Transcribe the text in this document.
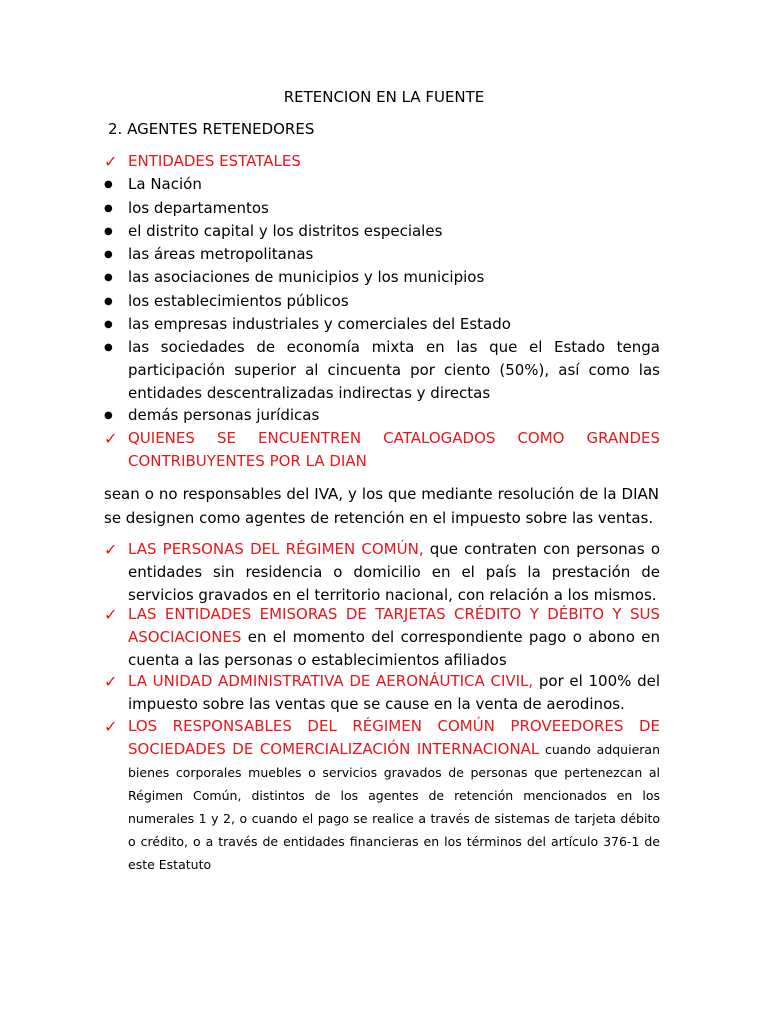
RETENCION EN LA FUENTE
2. AGENTES RETENEDORES
✓ ENTIDADES ESTATALES
●	La Nación
●	los departamentos
●	el distrito capital y los distritos especiales
●	las áreas metropolitanas
●	las asociaciones de municipios y los municipios
●	los establecimientos públicos
●	las empresas industriales y comerciales del Estado
●	las sociedades de economía mixta en las que el Estado tenga participación superior al cincuenta por ciento (50%), así como las entidades descentralizadas indirectas y directas
●	demás personas jurídicas
✓ QUIENES SE ENCUENTREN CATALOGADOS COMO GRANDES CONTRIBUYENTES POR LA DIAN
sean o no responsables del IVA, y los que mediante resolución de la DIAN se designen como agentes de retención en el impuesto sobre las ventas.
✓ LAS PERSONAS DEL RÉGIMEN COMÚN, que contraten con personas o entidades sin residencia o domicilio en el país la prestación de servicios gravados en el territorio nacional, con relación a los mismos.
✓ LAS ENTIDADES EMISORAS DE TARJETAS CRÉDITO Y DÉBITO Y SUS ASOCIACIONES en el momento del correspondiente pago o abono en cuenta a las personas o establecimientos afiliados
✓ LA UNIDAD ADMINISTRATIVA DE AERONÁUTICA CIVIL, por el 100% del impuesto sobre las ventas que se cause en la venta de aerodinos.
✓ LOS RESPONSABLES DEL RÉGIMEN COMÚN PROVEEDORES DE SOCIEDADES DE COMERCIALIZACIÓN INTERNACIONAL cuando adquieran bienes corporales muebles o servicios gravados de personas que pertenezcan al Régimen Común, distintos de los agentes de retención mencionados en los numerales 1 y 2, o cuando el pago se realice a través de sistemas de tarjeta débito o crédito, o a través de entidades financieras en los términos del artículo 376-1 de este Estatuto
